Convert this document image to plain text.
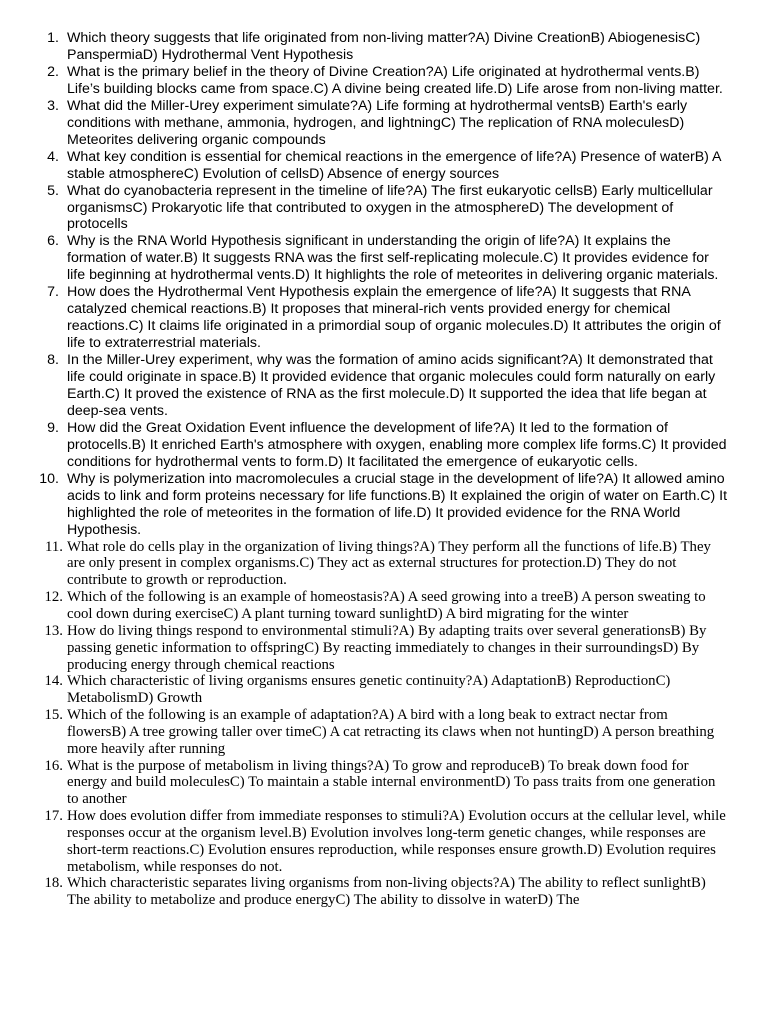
1. Which theory suggests that life originated from non-living matter?A) Divine CreationB) AbiogenesisC) PanspermiaD) Hydrothermal Vent Hypothesis
2. What is the primary belief in the theory of Divine Creation?A) Life originated at hydrothermal vents.B) Life’s building blocks came from space.C) A divine being created life.D) Life arose from non-living matter.
3. What did the Miller-Urey experiment simulate?A) Life forming at hydrothermal ventsB) Earth's early conditions with methane, ammonia, hydrogen, and lightningC) The replication of RNA moleculesD) Meteorites delivering organic compounds
4. What key condition is essential for chemical reactions in the emergence of life?A) Presence of waterB) A stable atmosphereC) Evolution of cellsD) Absence of energy sources
5. What do cyanobacteria represent in the timeline of life?A) The first eukaryotic cellsB) Early multicellular organismsC) Prokaryotic life that contributed to oxygen in the atmosphereD) The development of protocells
6. Why is the RNA World Hypothesis significant in understanding the origin of life?A) It explains the formation of water.B) It suggests RNA was the first self-replicating molecule.C) It provides evidence for life beginning at hydrothermal vents.D) It highlights the role of meteorites in delivering organic materials.
7. How does the Hydrothermal Vent Hypothesis explain the emergence of life?A) It suggests that RNA catalyzed chemical reactions.B) It proposes that mineral-rich vents provided energy for chemical reactions.C) It claims life originated in a primordial soup of organic molecules.D) It attributes the origin of life to extraterrestrial materials.
8. In the Miller-Urey experiment, why was the formation of amino acids significant?A) It demonstrated that life could originate in space.B) It provided evidence that organic molecules could form naturally on early Earth.C) It proved the existence of RNA as the first molecule.D) It supported the idea that life began at deep-sea vents.
9. How did the Great Oxidation Event influence the development of life?A) It led to the formation of protocells.B) It enriched Earth's atmosphere with oxygen, enabling more complex life forms.C) It provided conditions for hydrothermal vents to form.D) It facilitated the emergence of eukaryotic cells.
10. Why is polymerization into macromolecules a crucial stage in the development of life?A) It allowed amino acids to link and form proteins necessary for life functions.B) It explained the origin of water on Earth.C) It highlighted the role of meteorites in the formation of life.D) It provided evidence for the RNA World Hypothesis.
11. What role do cells play in the organization of living things?A) They perform all the functions of life.B) They are only present in complex organisms.C) They act as external structures for protection.D) They do not contribute to growth or reproduction.
12. Which of the following is an example of homeostasis?A) A seed growing into a treeB) A person sweating to cool down during exerciseC) A plant turning toward sunlightD) A bird migrating for the winter
13. How do living things respond to environmental stimuli?A) By adapting traits over several generationsB) By passing genetic information to offspringC) By reacting immediately to changes in their surroundingsD) By producing energy through chemical reactions
14. Which characteristic of living organisms ensures genetic continuity?A) AdaptationB) ReproductionC) MetabolismD) Growth
15. Which of the following is an example of adaptation?A) A bird with a long beak to extract nectar from flowersB) A tree growing taller over timeC) A cat retracting its claws when not huntingD) A person breathing more heavily after running
16. What is the purpose of metabolism in living things?A) To grow and reproduceB) To break down food for energy and build moleculesC) To maintain a stable internal environmentD) To pass traits from one generation to another
17. How does evolution differ from immediate responses to stimuli?A) Evolution occurs at the cellular level, while responses occur at the organism level.B) Evolution involves long-term genetic changes, while responses are short-term reactions.C) Evolution ensures reproduction, while responses ensure growth.D) Evolution requires metabolism, while responses do not.
18. Which characteristic separates living organisms from non-living objects?A) The ability to reflect sunlightB) The ability to metabolize and produce energyC) The ability to dissolve in waterD) The
